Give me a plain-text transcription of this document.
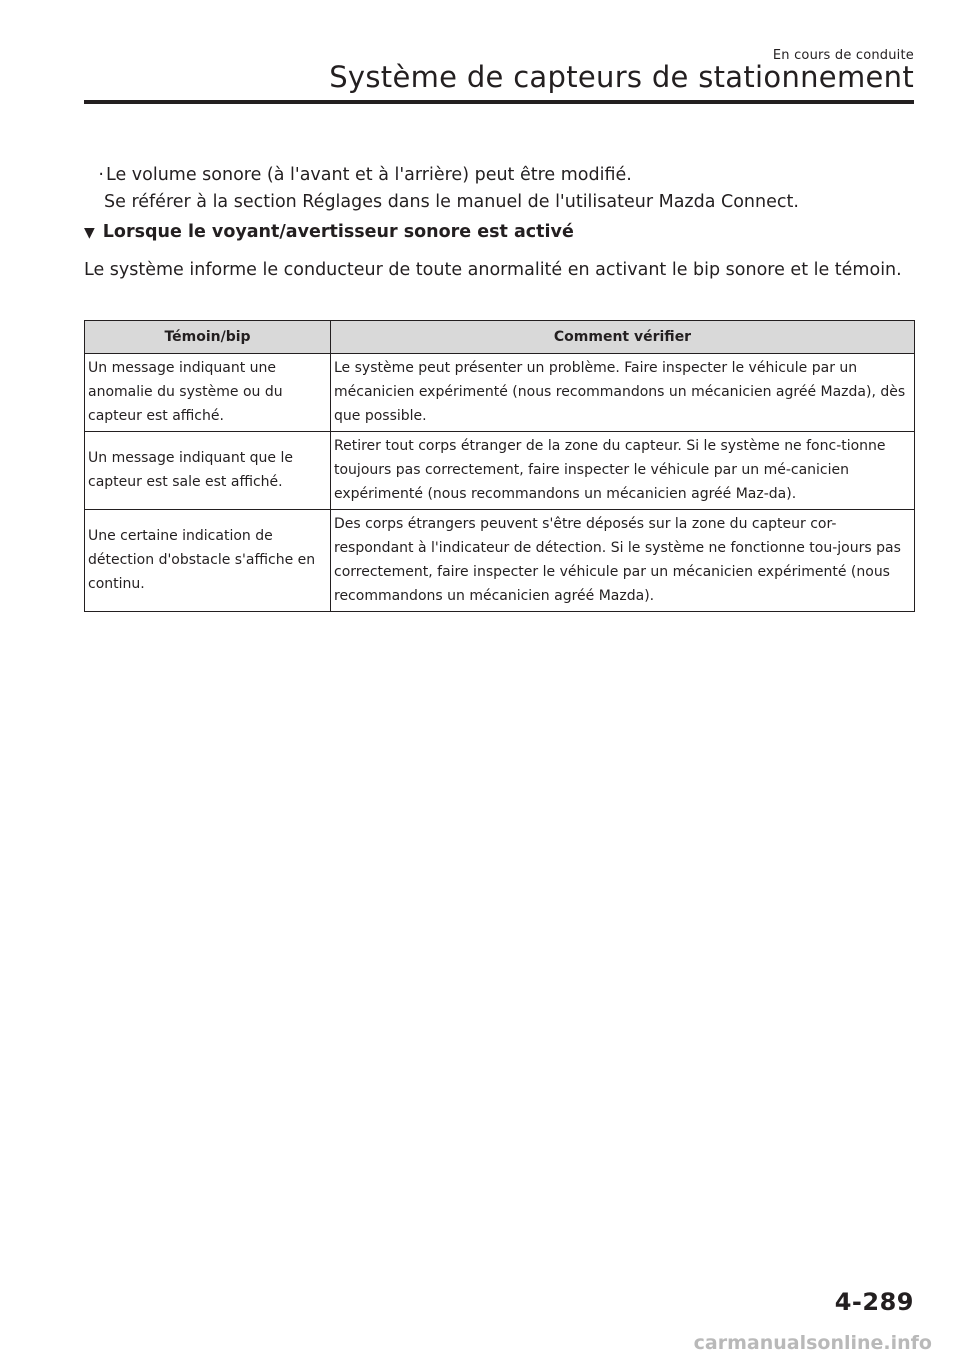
En cours de conduite
Système de capteurs de stationnement
· Le volume sonore (à l'avant et à l'arrière) peut être modifié.
Se référer à la section Réglages dans le manuel de l'utilisateur Mazda Connect.
▼ Lorsque le voyant/avertisseur sonore est activé
Le système informe le conducteur de toute anormalité en activant le bip sonore et le témoin.
Témoin/bip	Comment vérifier
Un message indiquant une anomalie du système ou du capteur est affiché.	Le système peut présenter un problème. Faire inspecter le véhicule par un mécanicien expérimenté (nous recommandons un mécanicien agréé Mazda), dès que possible.
Un message indiquant que le capteur est sale est affiché.	Retirer tout corps étranger de la zone du capteur. Si le système ne fonc-tionne toujours pas correctement, faire inspecter le véhicule par un mé-canicien expérimenté (nous recommandons un mécanicien agréé Maz-da).
Une certaine indication de détection d'obstacle s'affiche en continu.	Des corps étrangers peuvent s'être déposés sur la zone du capteur cor-respondant à l'indicateur de détection. Si le système ne fonctionne tou-jours pas correctement, faire inspecter le véhicule par un mécanicien expérimenté (nous recommandons un mécanicien agréé Mazda).
4-289
carmanualsonline.info
